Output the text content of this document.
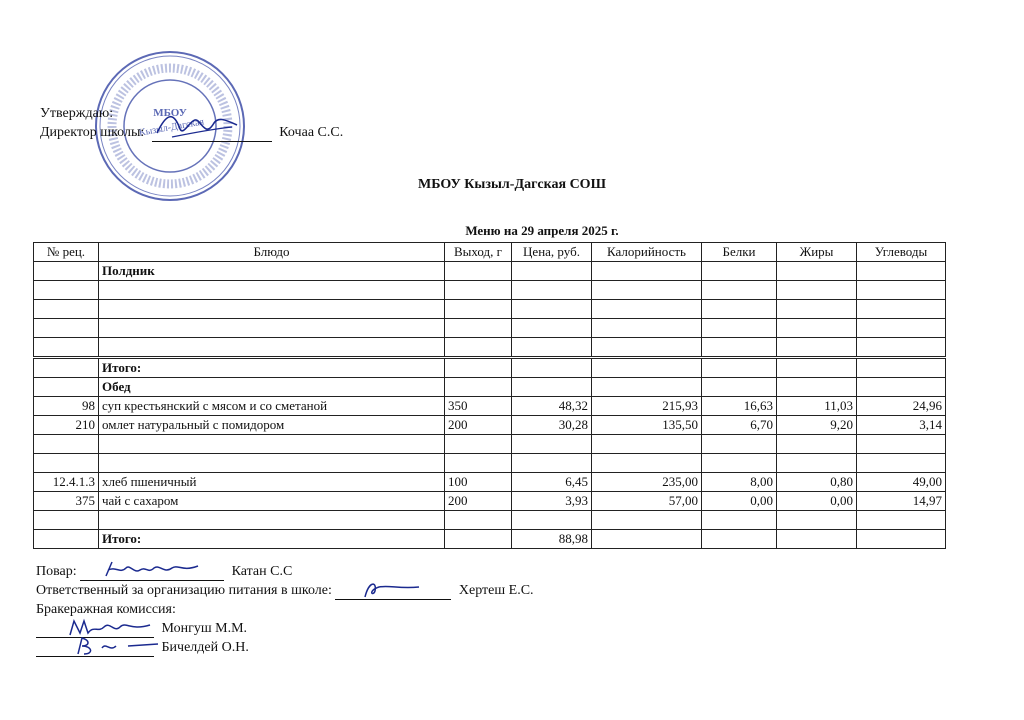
МБОУ
Кызыл-Дагская
Утверждаю:
Директор школы:	Кочаа С.С.
МБОУ Кызыл-Дагская СОШ
Меню на 29 апреля 2025 г.
№ рец.	Блюдо	Выход, г	Цена, руб.	Калорийность	Белки	Жиры	Углеводы
	Полдник						

	Итого:						
	Обед						
98	суп крестьянский с мясом и со сметаной	350	48,32	215,93	16,63	11,03	24,96
210	омлет натуральный с помидором	200	30,28	135,50	6,70	9,20	3,14

12.4.1.3	хлеб пшеничный	100	6,45	235,00	8,00	0,80	49,00
375	чай с сахаром	200	3,93	57,00	0,00	0,00	14,97

	Итого:		88,98				
Повар:	Катан С.С
Ответственный за организацию питания в школе:	Хертеш Е.С.
Бракеражная комиссия:
Монгуш М.М.
Бичелдей О.Н.
